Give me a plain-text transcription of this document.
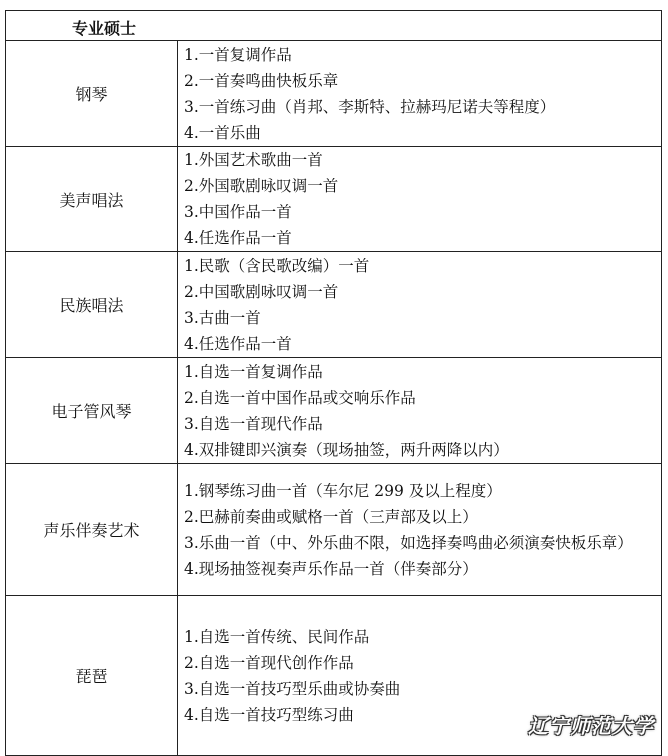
专业硕士
钢琴	1.一首复调作品
2.一首奏鸣曲快板乐章
3.一首练习曲（肖邦、李斯特、拉赫玛尼诺夫等程度）
4.一首乐曲

美声唱法	1.外国艺术歌曲一首
2.外国歌剧咏叹调一首
3.中国作品一首
4.任选作品一首

民族唱法	1.民歌（含民歌改编）一首
2.中国歌剧咏叹调一首
3.古曲一首
4.任选作品一首

电子管风琴	1.自选一首复调作品
2.自选一首中国作品或交响乐作品
3.自选一首现代作品
4.双排键即兴演奏（现场抽签，两升两降以内）

声乐伴奏艺术	1.钢琴练习曲一首（车尔尼 299 及以上程度）
2.巴赫前奏曲或赋格一首（三声部及以上）
3.乐曲一首（中、外乐曲不限，如选择奏鸣曲必须演奏快板乐章）
4.现场抽签视奏声乐作品一首（伴奏部分）

琵琶	1.自选一首传统、民间作品
2.自选一首现代创作作品
3.自选一首技巧型乐曲或协奏曲
4.自选一首技巧型练习曲	辽宁师范大学
